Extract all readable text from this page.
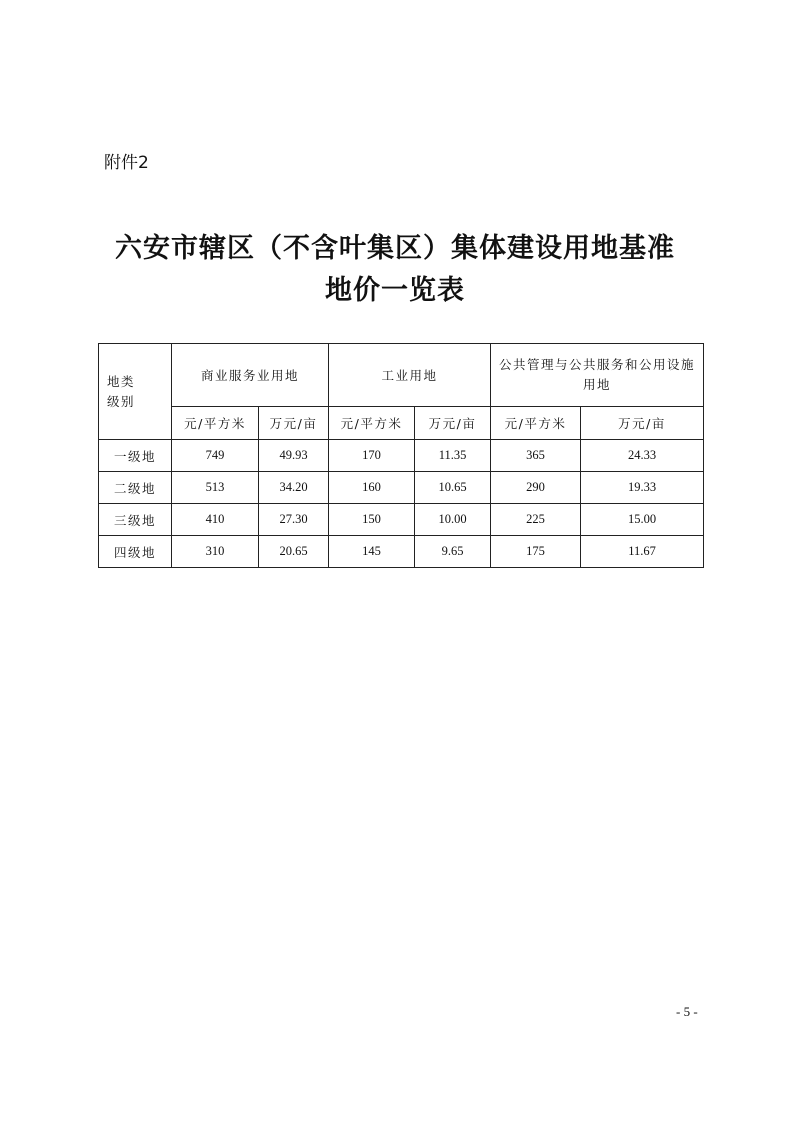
附件2
六安市辖区（不含叶集区）集体建设用地基准
地价一览表
地类
级别	商业服务业用地		工业用地		公共管理与公共服务和公用设施用地	
	元/平方米	万元/亩	元/平方米	万元/亩	元/平方米	万元/亩
一级地	749	49.93	170	11.35	365	24.33
二级地	513	34.20	160	10.65	290	19.33
三级地	410	27.30	150	10.00	225	15.00
四级地	310	20.65	145	9.65	175	11.67
- 5 -
